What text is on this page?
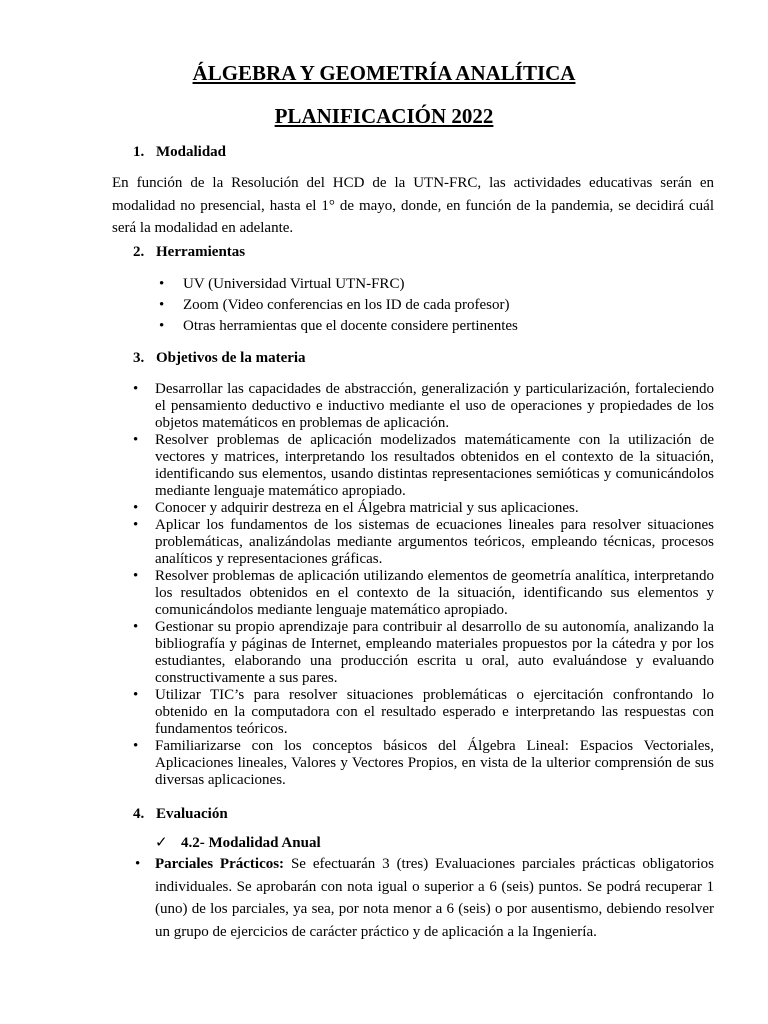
ÁLGEBRA Y GEOMETRÍA ANALÍTICA
PLANIFICACIÓN 2022
1. Modalidad
En función de la Resolución del HCD de la UTN-FRC, las actividades educativas serán en modalidad no presencial, hasta el 1° de mayo, donde, en función de la pandemia, se decidirá cuál será la modalidad en adelante.
2. Herramientas
• UV (Universidad Virtual UTN-FRC)
• Zoom (Video conferencias en los ID de cada profesor)
• Otras herramientas que el docente considere pertinentes
3. Objetivos de la materia
• Desarrollar las capacidades de abstracción, generalización y particularización, fortaleciendo el pensamiento deductivo e inductivo mediante el uso de operaciones y propiedades de los objetos matemáticos en problemas de aplicación.
• Resolver problemas de aplicación modelizados matemáticamente con la utilización de vectores y matrices, interpretando los resultados obtenidos en el contexto de la situación, identificando sus elementos, usando distintas representaciones semióticas y comunicándolos mediante lenguaje matemático apropiado.
• Conocer y adquirir destreza en el Álgebra matricial y sus aplicaciones.
• Aplicar los fundamentos de los sistemas de ecuaciones lineales para resolver situaciones problemáticas, analizándolas mediante argumentos teóricos, empleando técnicas, procesos analíticos y representaciones gráficas.
• Resolver problemas de aplicación utilizando elementos de geometría analítica, interpretando los resultados obtenidos en el contexto de la situación, identificando sus elementos y comunicándolos mediante lenguaje matemático apropiado.
• Gestionar su propio aprendizaje para contribuir al desarrollo de su autonomía, analizando la bibliografía y páginas de Internet, empleando materiales propuestos por la cátedra y por los estudiantes, elaborando una producción escrita u oral, auto evaluándose y evaluando constructivamente a sus pares.
• Utilizar TIC’s para resolver situaciones problemáticas o ejercitación confrontando lo obtenido en la computadora con el resultado esperado e interpretando las respuestas con fundamentos teóricos.
• Familiarizarse con los conceptos básicos del Álgebra Lineal: Espacios Vectoriales, Aplicaciones lineales, Valores y Vectores Propios, en vista de la ulterior comprensión de sus diversas aplicaciones.
4. Evaluación
✓ 4.2- Modalidad Anual
• Parciales Prácticos: Se efectuarán 3 (tres) Evaluaciones parciales prácticas obligatorios individuales. Se aprobarán con nota igual o superior a 6 (seis) puntos. Se podrá recuperar 1 (uno) de los parciales, ya sea, por nota menor a 6 (seis) o por ausentismo, debiendo resolver un grupo de ejercicios de carácter práctico y de aplicación a la Ingeniería.
